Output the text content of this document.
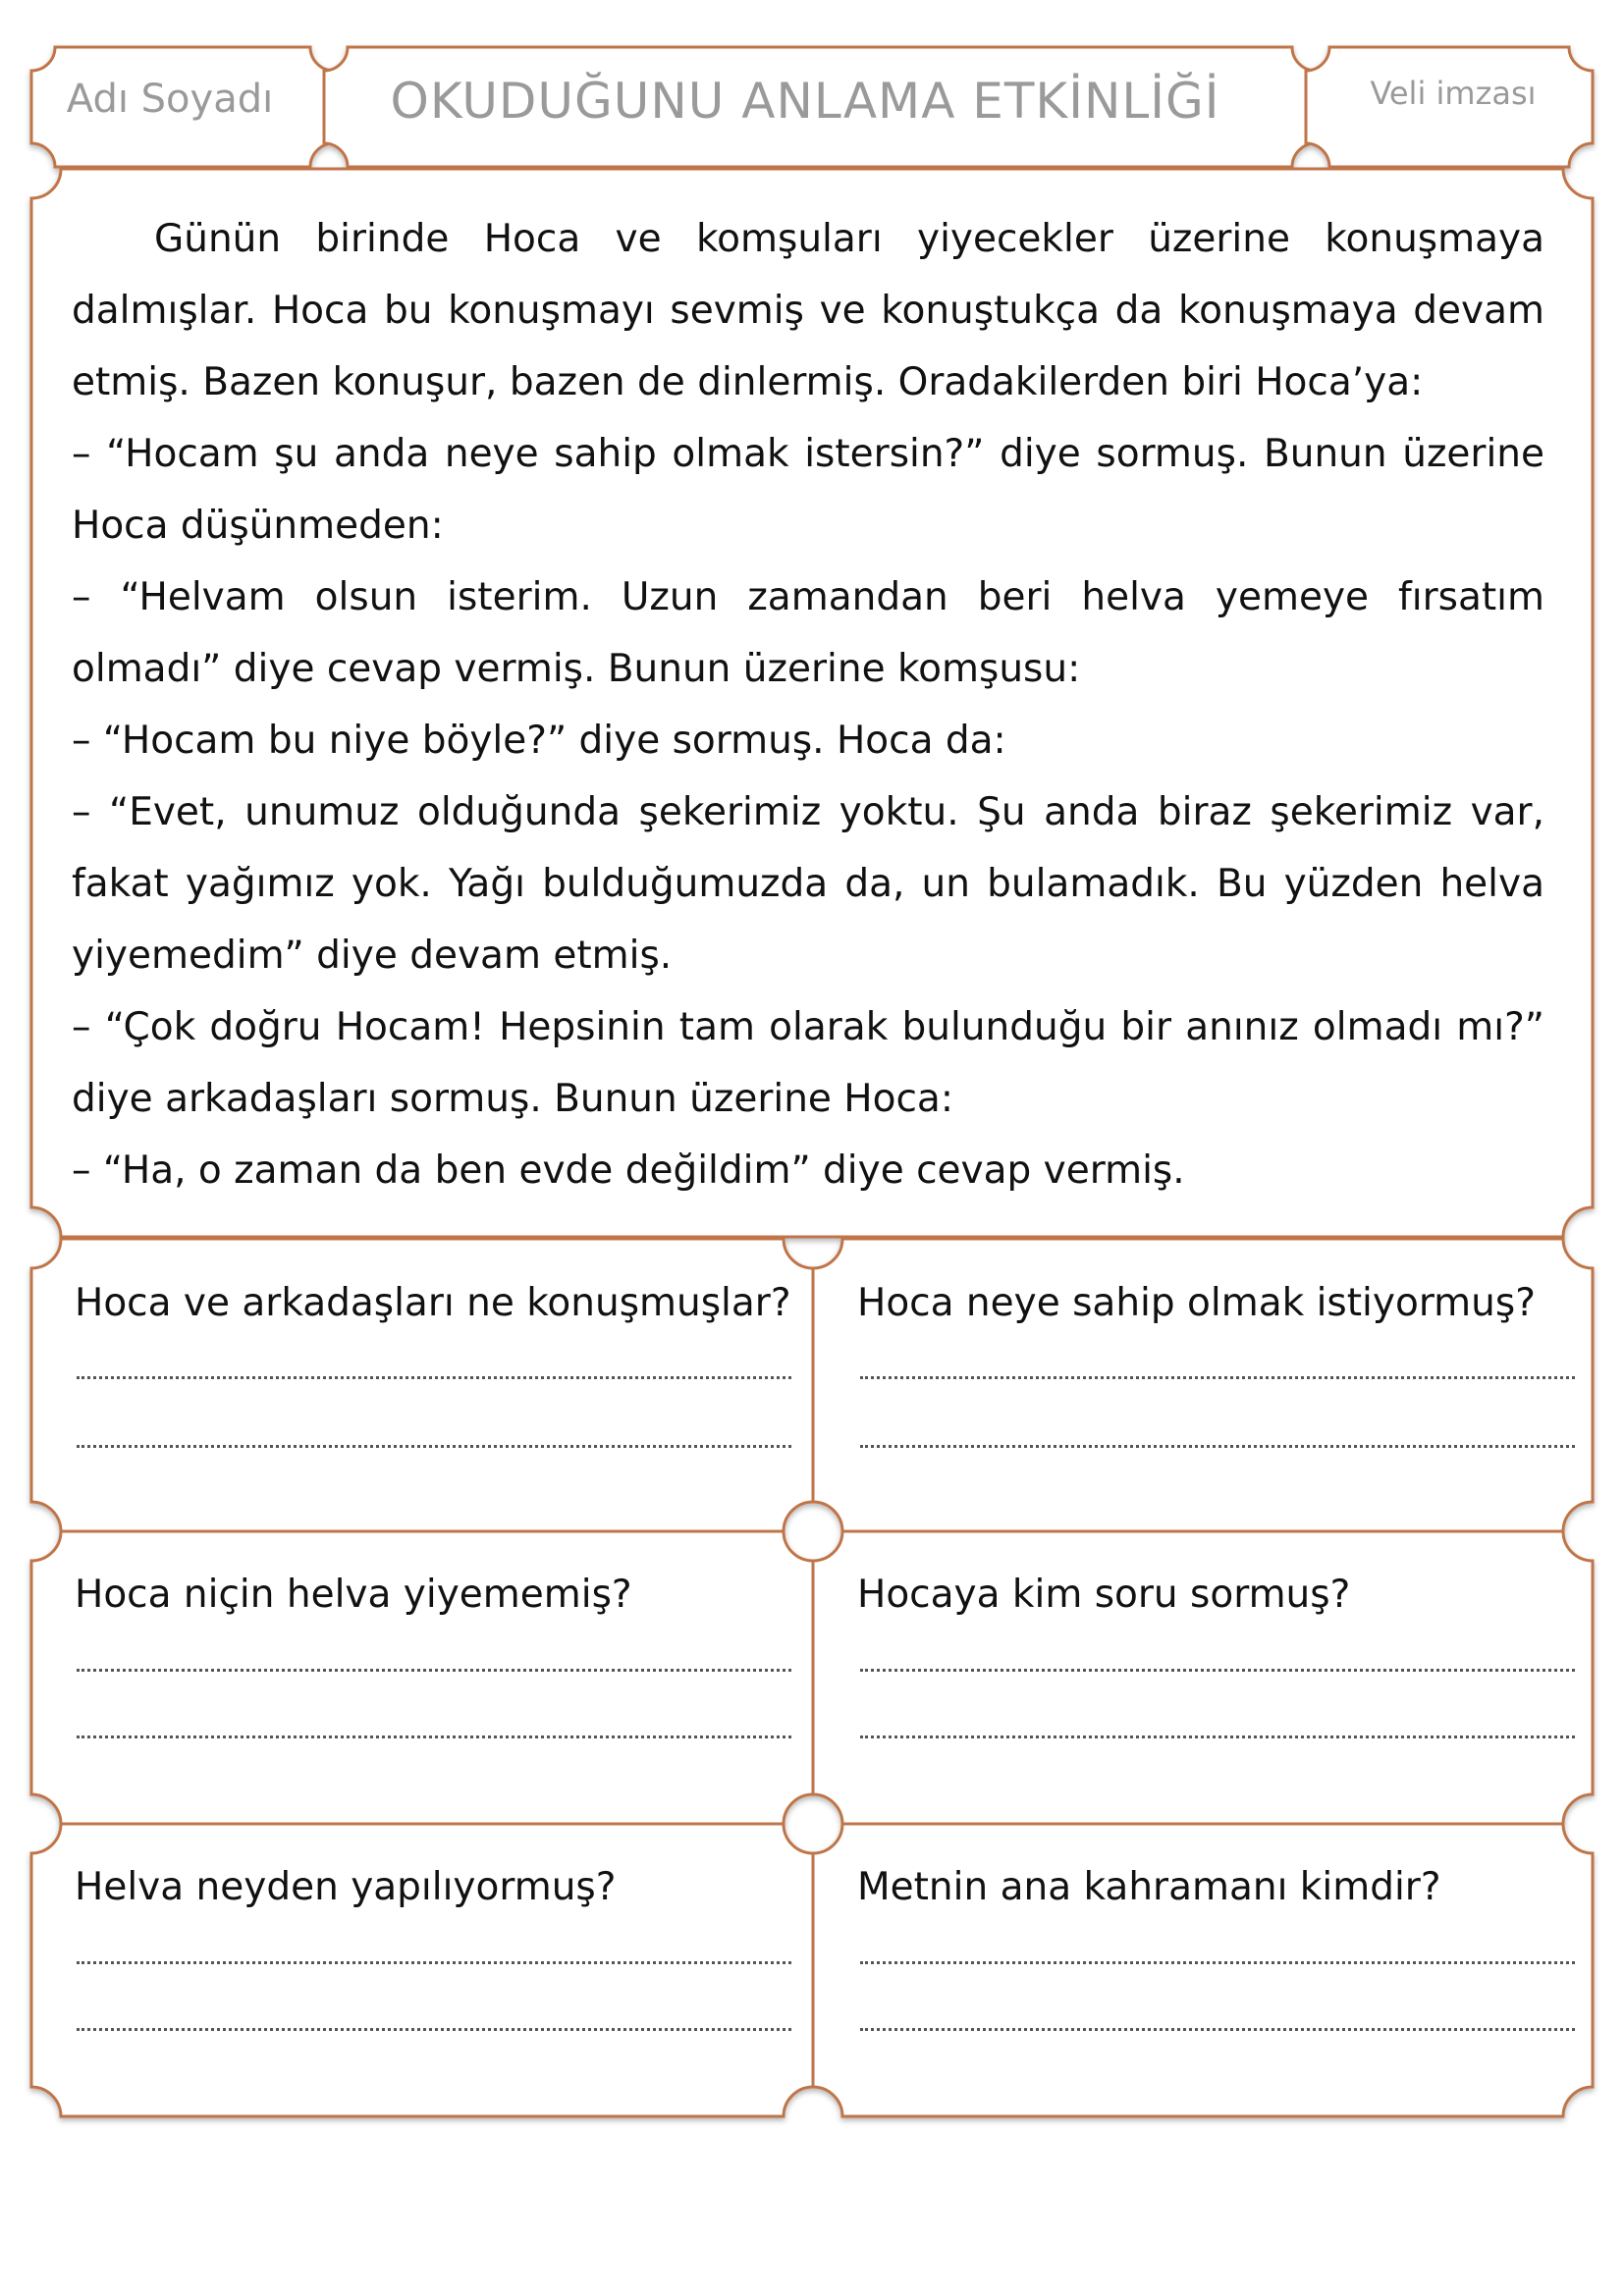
Adı Soyadı	OKUDUĞUNU ANLAMA ETKİNLİĞİ	Veli imzası

Günün birinde Hoca ve komşuları yiyecekler üzerine konuşmaya dalmışlar. Hoca bu konuşmayı sevmiş ve konuştukça da konuşmaya devam etmiş. Bazen konuşur, bazen de dinlermiş. Oradakilerden biri Hoca’ya:

– “Hocam şu anda neye sahip olmak istersin?” diye sormuş. Bunun üzerine Hoca düşünmeden:

– “Helvam olsun isterim. Uzun zamandan beri helva yemeye fırsatım olmadı” diye cevap vermiş. Bunun üzerine komşusu:

– “Hocam bu niye böyle?” diye sormuş. Hoca da:

– “Evet, unumuz olduğunda şekerimiz yoktu. Şu anda biraz şekerimiz var, fakat yağımız yok. Yağı bulduğumuzda da, un bulamadık. Bu yüzden helva yiyemedim” diye devam etmiş.

– “Çok doğru Hocam! Hepsinin tam olarak bulunduğu bir anınız olmadı mı?” diye arkadaşları sormuş. Bunun üzerine Hoca:

– “Ha, o zaman da ben evde değildim” diye cevap vermiş.

Hoca ve arkadaşları ne konuşmuşlar? Hoca neye sahip olmak istiyormuş?
Hoca niçin helva yiyememiş?	Hocaya kim soru sormuş?
Helva neyden yapılıyormuş?	Metnin ana kahramanı kimdir?
